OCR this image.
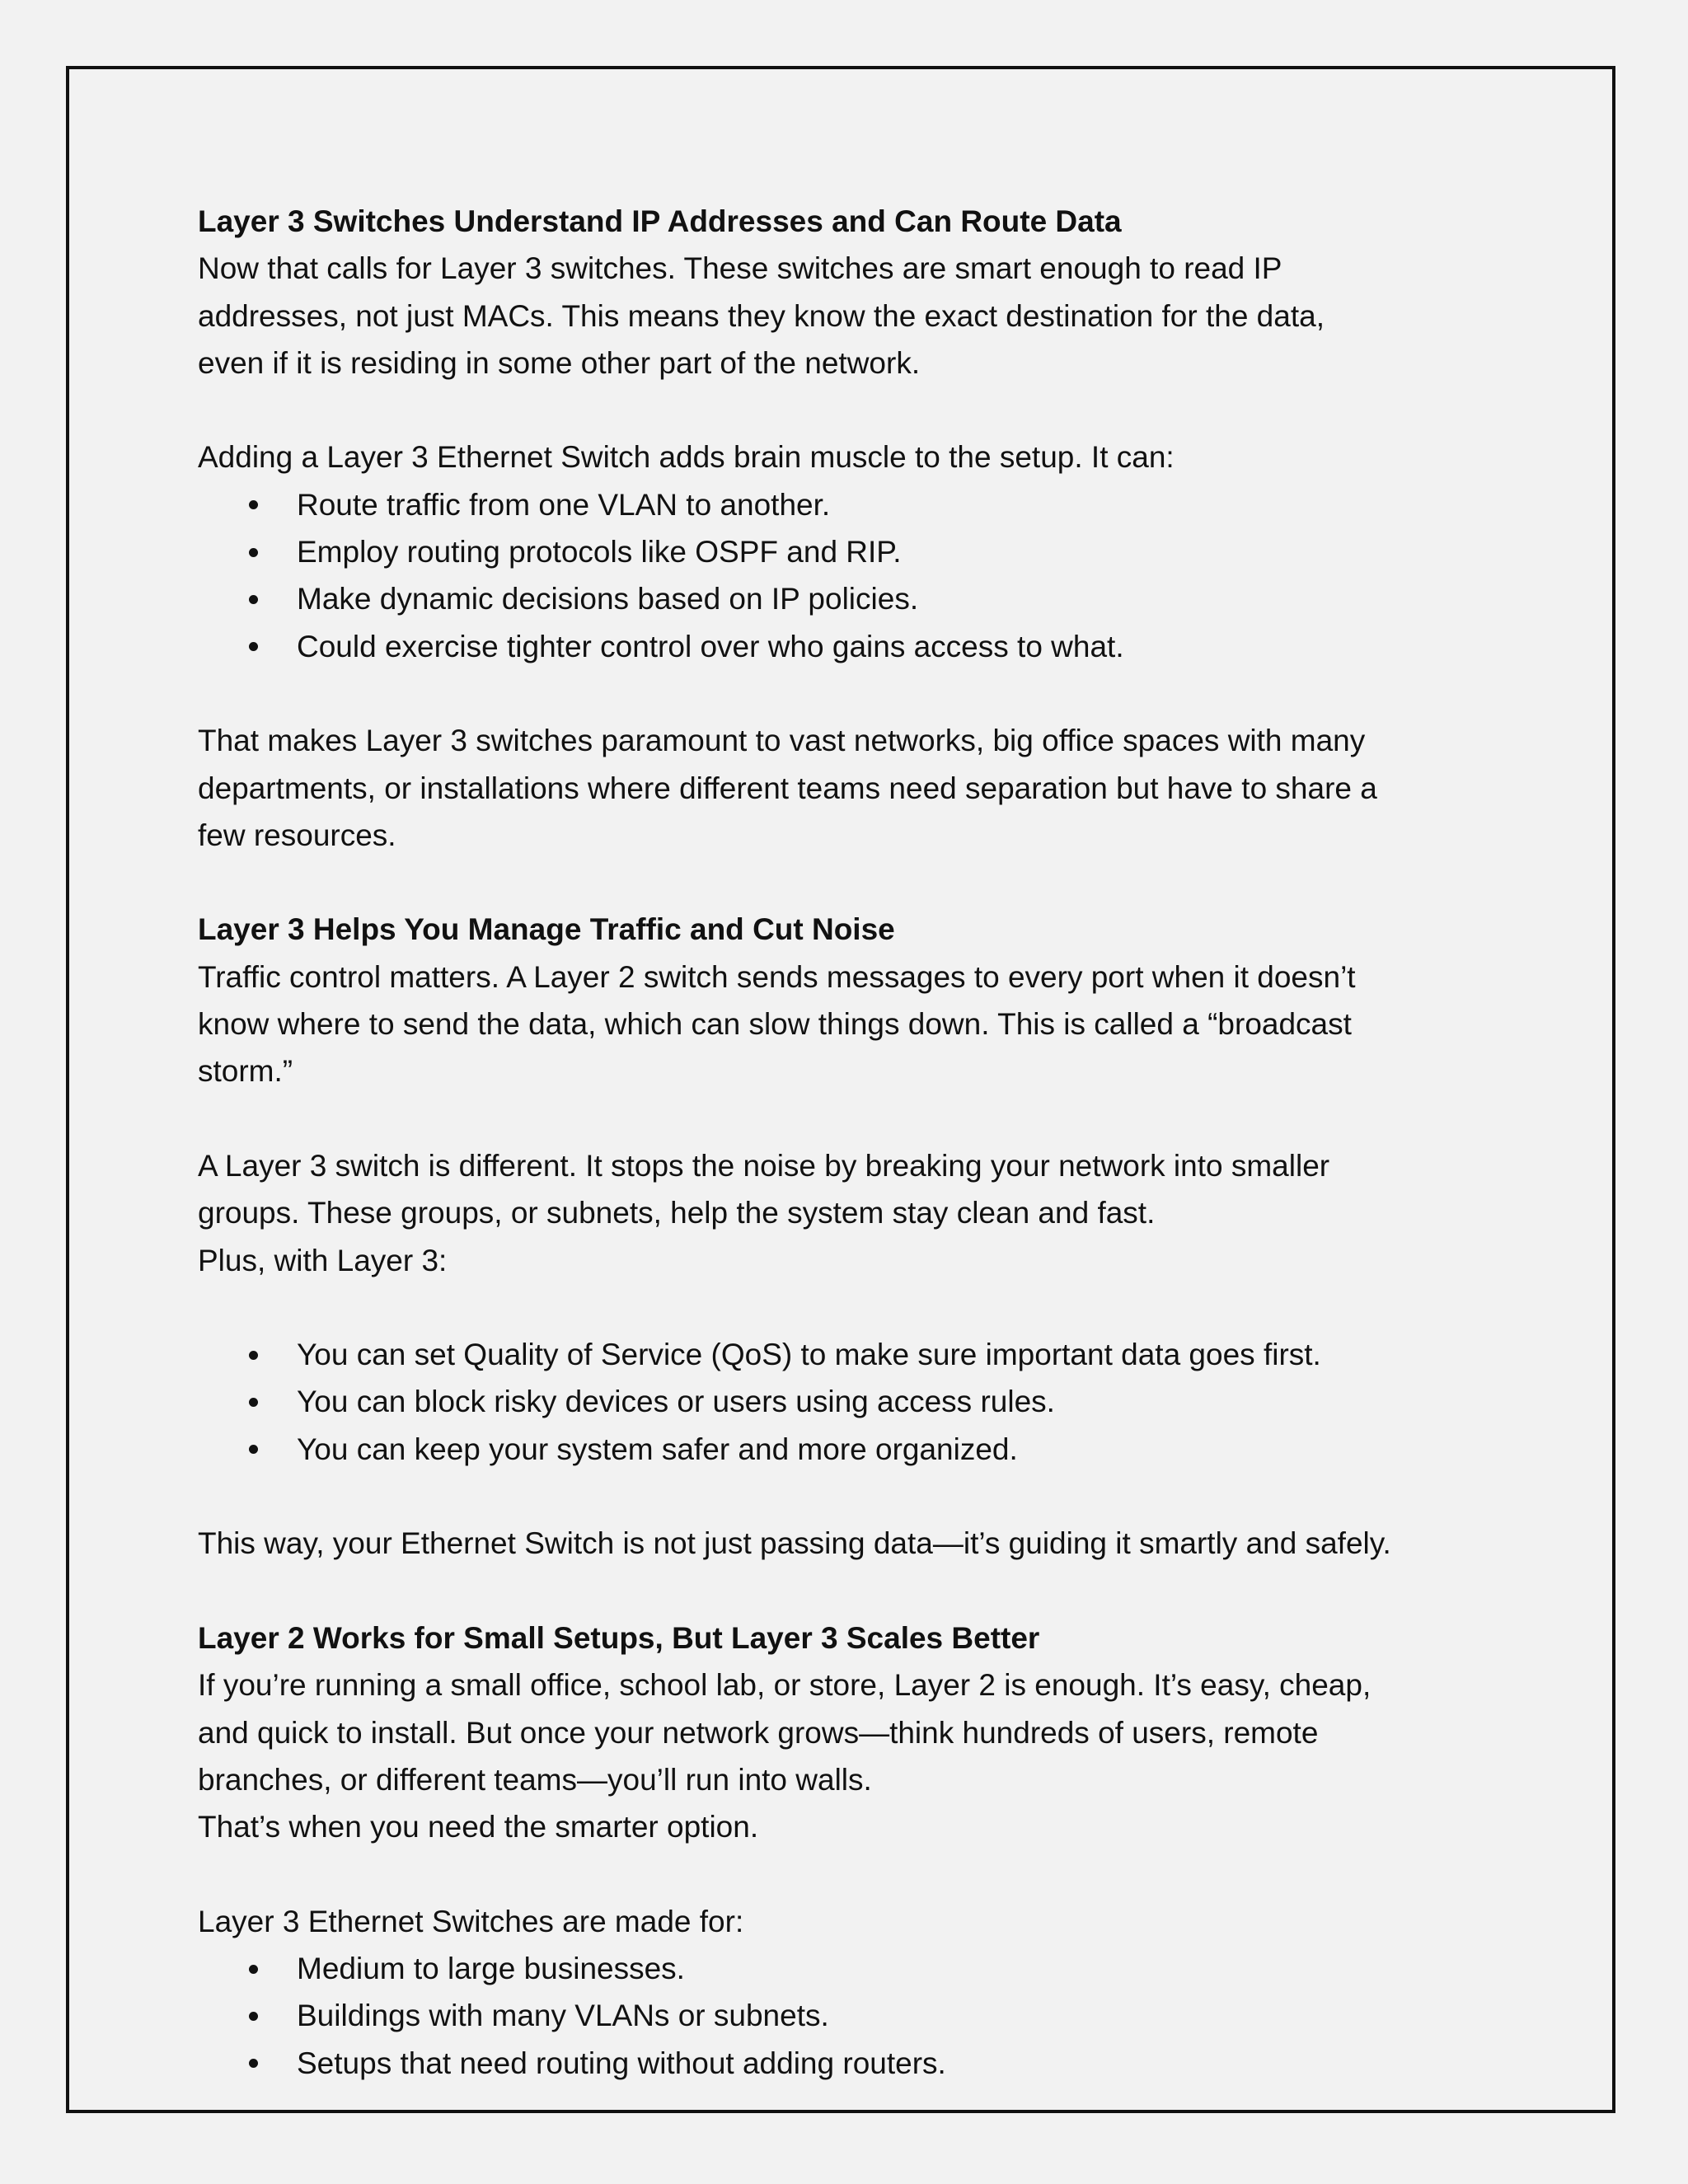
Layer 3 Switches Understand IP Addresses and Can Route Data

Now that calls for Layer 3 switches. These switches are smart enough to read IP

addresses, not just MACs. This means they know the exact destination for the data,

even if it is residing in some other part of the network.

Adding a Layer 3 Ethernet Switch adds brain muscle to the setup. It can:

Route traffic from one VLAN to another.
Employ routing protocols like OSPF and RIP.
Make dynamic decisions based on IP policies.
Could exercise tighter control over who gains access to what.

That makes Layer 3 switches paramount to vast networks, big office spaces with many

departments, or installations where different teams need separation but have to share a

few resources.

Layer 3 Helps You Manage Traffic and Cut Noise

Traffic control matters. A Layer 2 switch sends messages to every port when it doesn’t

know where to send the data, which can slow things down. This is called a “broadcast

storm.”

A Layer 3 switch is different. It stops the noise by breaking your network into smaller

groups. These groups, or subnets, help the system stay clean and fast.

Plus, with Layer 3:

You can set Quality of Service (QoS) to make sure important data goes first.
You can block risky devices or users using access rules.
You can keep your system safer and more organized.

This way, your Ethernet Switch is not just passing data—it’s guiding it smartly and safely.

Layer 2 Works for Small Setups, But Layer 3 Scales Better

If you’re running a small office, school lab, or store, Layer 2 is enough. It’s easy, cheap,

and quick to install. But once your network grows—think hundreds of users, remote

branches, or different teams—you’ll run into walls.

That’s when you need the smarter option.

Layer 3 Ethernet Switches are made for:

Medium to large businesses.
Buildings with many VLANs or subnets.
Setups that need routing without adding routers.
